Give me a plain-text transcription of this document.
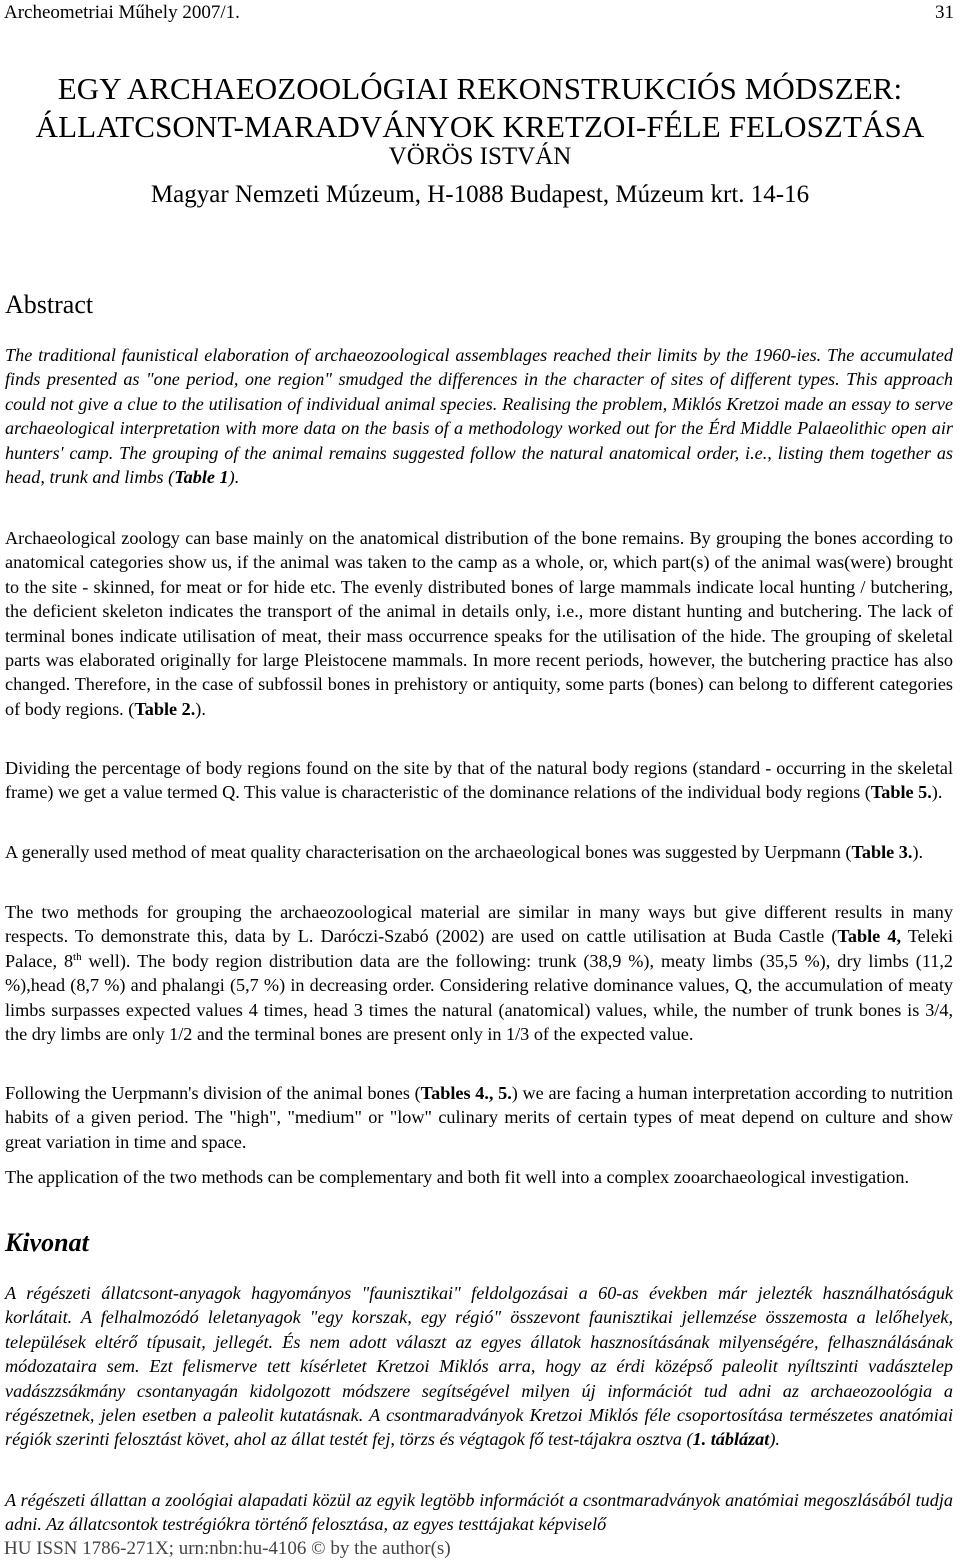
Archeometriai Műhely 2007/1.	31
EGY ARCHAEOZOOLÓGIAI REKONSTRUKCIÓS MÓDSZER:
ÁLLATCSONT-MARADVÁNYOK KRETZOI-FÉLE FELOSZTÁSA
VÖRÖS ISTVÁN
Magyar Nemzeti Múzeum, H-1088 Budapest, Múzeum krt. 14-16
Abstract
The traditional faunistical elaboration of archaeozoological assemblages reached their limits by the 1960-ies. The accumulated finds presented as "one period, one region" smudged the differences in the character of sites of different types. This approach could not give a clue to the utilisation of individual animal species. Realising the problem, Miklós Kretzoi made an essay to serve archaeological interpretation with more data on the basis of a methodology worked out for the Érd Middle Palaeolithic open air hunters' camp. The grouping of the animal remains suggested follow the natural anatomical order, i.e., listing them together as head, trunk and limbs (Table 1).
Archaeological zoology can base mainly on the anatomical distribution of the bone remains. By grouping the bones according to anatomical categories show us, if the animal was taken to the camp as a whole, or, which part(s) of the animal was(were) brought to the site - skinned, for meat or for hide etc. The evenly distributed bones of large mammals indicate local hunting / butchering, the deficient skeleton indicates the transport of the animal in details only, i.e., more distant hunting and butchering. The lack of terminal bones indicate utilisation of meat, their mass occurrence speaks for the utilisation of the hide. The grouping of skeletal parts was elaborated originally for large Pleistocene mammals. In more recent periods, however, the butchering practice has also changed. Therefore, in the case of subfossil bones in prehistory or antiquity, some parts (bones) can belong to different categories of body regions. (Table 2.).
Dividing the percentage of body regions found on the site by that of the natural body regions (standard - occurring in the skeletal frame) we get a value termed Q. This value is characteristic of the dominance relations of the individual body regions (Table 5.).
A generally used method of meat quality characterisation on the archaeological bones was suggested by Uerpmann (Table 3.).
The two methods for grouping the archaeozoological material are similar in many ways but give different results in many respects. To demonstrate this, data by L. Daróczi-Szabó (2002) are used on cattle utilisation at Buda Castle (Table 4, Teleki Palace, 8th well). The body region distribution data are the following: trunk (38,9 %), meaty limbs (35,5 %), dry limbs (11,2 %),head (8,7 %) and phalangi (5,7 %) in decreasing order. Considering relative dominance values, Q, the accumulation of meaty limbs surpasses expected values 4 times, head 3 times the natural (anatomical) values, while, the number of trunk bones is 3/4, the dry limbs are only 1/2 and the terminal bones are present only in 1/3 of the expected value.
Following the Uerpmann's division of the animal bones (Tables 4., 5.) we are facing a human interpretation according to nutrition habits of a given period. The "high", "medium" or "low" culinary merits of certain types of meat depend on culture and show great variation in time and space.
The application of the two methods can be complementary and both fit well into a complex zooarchaeological investigation.
Kivonat
A régészeti állatcsont-anyagok hagyományos "faunisztikai" feldolgozásai a 60-as években már jelezték használhatóságuk korlátait. A felhalmozódó leletanyagok "egy korszak, egy régió" összevont faunisztikai jellemzése összemosta a lelőhelyek, települések eltérő típusait, jellegét. És nem adott választ az egyes állatok hasznosításának milyenségére, felhasználásának módozataira sem. Ezt felismerve tett kísérletet Kretzoi Miklós arra, hogy az érdi középső paleolit nyíltszinti vadásztelep vadászzsákmány csontanyagán kidolgozott módszere segítségével milyen új információt tud adni az archaeozoológia a régészetnek, jelen esetben a paleolit kutatásnak. A csontmaradványok Kretzoi Miklós féle csoportosítása természetes anatómiai régiók szerinti felosztást követ, ahol az állat testét fej, törzs és végtagok fő test-tájakra osztva (1. táblázat).
A régészeti állattan a zoológiai alapadati közül az egyik legtöbb információt a csontmaradványok anatómiai megoszlásából tudja adni. Az állatcsontok testrégiókra történő felosztása, az egyes testtájakat képviselő
HU ISSN 1786-271X; urn:nbn:hu-4106 © by the author(s)
